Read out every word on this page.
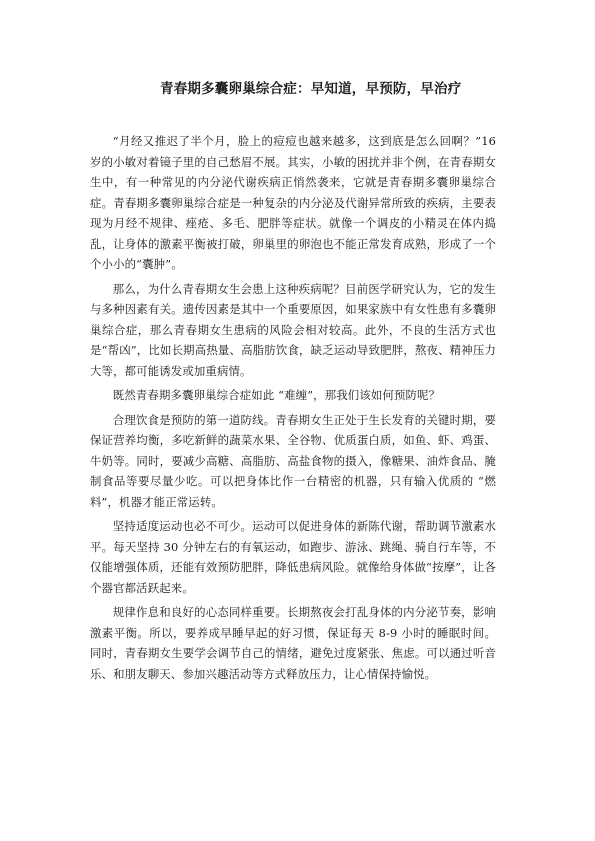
青春期多囊卵巢综合症：早知道，早预防，早治疗

“月经又推迟了半个月，脸上的痘痘也越来越多，这到底是怎么回啊？”16岁的小敏对着镜子里的自己愁眉不展。其实，小敏的困扰并非个例，在青春期女生中，有一种常见的内分泌代谢疾病正悄然袭来，它就是青春期多囊卵巢综合症。青春期多囊卵巢综合症是一种复杂的内分泌及代谢异常所致的疾病，主要表现为月经不规律、痤疮、多毛、肥胖等症状。就像一个调皮的小精灵在体内捣乱，让身体的激素平衡被打破，卵巢里的卵泡也不能正常发育成熟，形成了一个个小小的“囊肿”。

那么，为什么青春期女生会患上这种疾病呢？目前医学研究认为，它的发生与多种因素有关。遗传因素是其中一个重要原因，如果家族中有女性患有多囊卵巢综合症，那么青春期女生患病的风险会相对较高。此外，不良的生活方式也是“帮凶”，比如长期高热量、高脂肪饮食，缺乏运动导致肥胖，熬夜、精神压力大等，都可能诱发或加重病情。

既然青春期多囊卵巢综合症如此 “难缠”，那我们该如何预防呢？

合理饮食是预防的第一道防线。青春期女生正处于生长发育的关键时期，要保证营养均衡，多吃新鲜的蔬菜水果、全谷物、优质蛋白质，如鱼、虾、鸡蛋、牛奶等。同时，要减少高糖、高脂肪、高盐食物的摄入，像糖果、油炸食品、腌制食品等要尽量少吃。可以把身体比作一台精密的机器，只有输入优质的 “燃料”，机器才能正常运转。

坚持适度运动也必不可少。运动可以促进身体的新陈代谢，帮助调节激素水平。每天坚持 30 分钟左右的有氧运动，如跑步、游泳、跳绳、骑自行车等，不仅能增强体质，还能有效预防肥胖，降低患病风险。就像给身体做“按摩”，让各个器官都活跃起来。

规律作息和良好的心态同样重要。长期熬夜会打乱身体的内分泌节奏，影响激素平衡。所以，要养成早睡早起的好习惯，保证每天 8-9 小时的睡眠时间。同时，青春期女生要学会调节自己的情绪，避免过度紧张、焦虑。可以通过听音乐、和朋友聊天、参加兴趣活动等方式释放压力，让心情保持愉悦。
